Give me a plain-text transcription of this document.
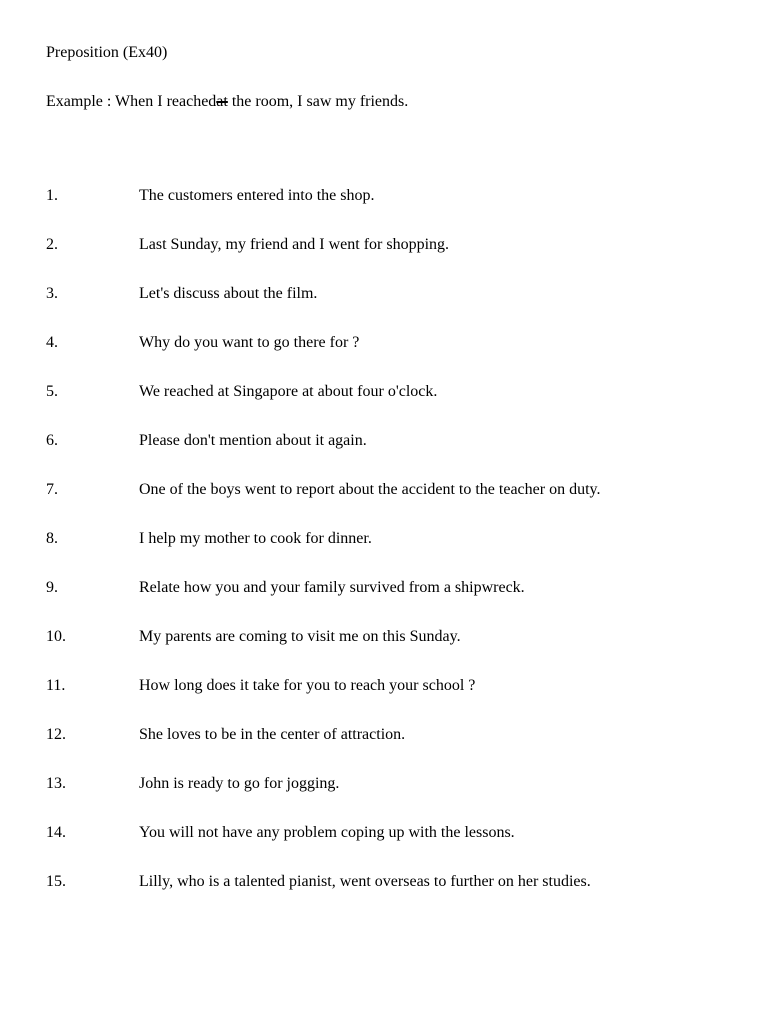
Preposition (Ex40)
Example : When I reachedat the room, I saw my friends.
1.	The customers entered into the shop.
2.	Last Sunday, my friend and I went for shopping.
3.	Let's discuss about the film.
4.	Why do you want to go there for ?
5.	We reached at Singapore at about four o'clock.
6.	Please don't mention about it again.
7.	One of the boys went to report about the accident to the teacher on duty.
8.	I help my mother to cook for dinner.
9.	Relate how you and your family survived from a shipwreck.
10.	My parents are coming to visit me on this Sunday.
11.	How long does it take for you to reach your school ?
12.	She loves to be in the center of attraction.
13.	John is ready to go for jogging.
14.	You will not have any problem coping up with the lessons.
15.	Lilly, who is a talented pianist, went overseas to further on her studies.
